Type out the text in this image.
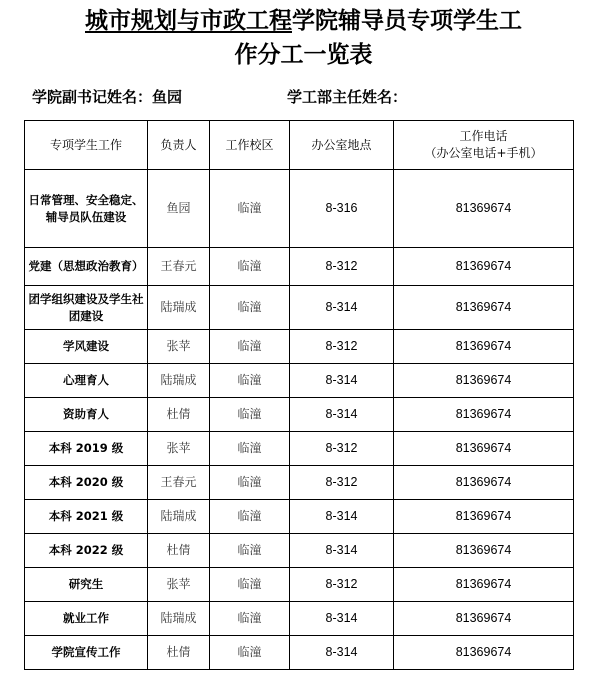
城市规划与市政工程学院辅导员专项学生工
作分工一览表
学院副书记姓名：鱼园	学工部主任姓名：
专项学生工作	负责人	工作校区	办公室地点	工作电话
（办公室电话+手机）

日常管理、安全稳定、辅导员队伍建设	鱼园	临潼	8-316	81369674
党建（思想政治教育）	王春元	临潼	8-312	81369674
团学组织建设及学生社团建设	陆瑞成	临潼	8-314	81369674
学风建设	张苹	临潼	8-312	81369674
心理育人	陆瑞成	临潼	8-314	81369674
资助育人	杜倩	临潼	8-314	81369674
本科 2019 级	张苹	临潼	8-312	81369674
本科 2020 级	王春元	临潼	8-312	81369674
本科 2021 级	陆瑞成	临潼	8-314	81369674
本科 2022 级	杜倩	临潼	8-314	81369674
研究生	张苹	临潼	8-312	81369674
就业工作	陆瑞成	临潼	8-314	81369674
学院宣传工作	杜倩	临潼	8-314	81369674
